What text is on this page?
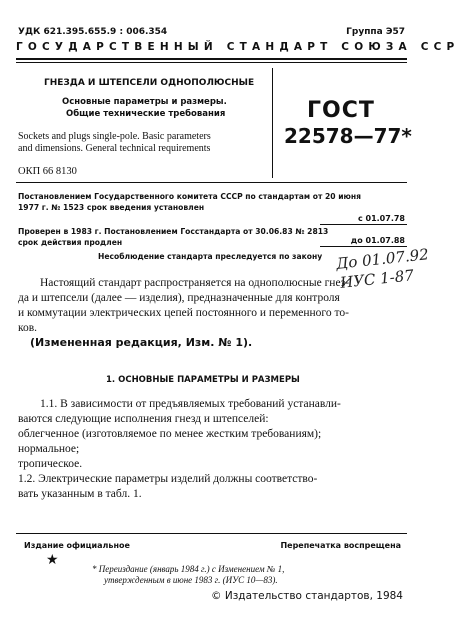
УДК 621.395.655.9 : 006.354	Группа Э57
ГОСУДАРСТВЕННЫЙ СТАНДАРТ СОЮЗА ССР
ГНЕЗДА И ШТЕПСЕЛИ ОДНОПОЛЮСНЫЕ
Основные параметры и размеры.
Общие технические требования
Sockets and plugs single-pole. Basic parameters
and dimensions. General technical requirements
ОКП 66 8130
ГОСТ
22578—77*
Постановлением Государственного комитета СССР по стандартам от 20 июня
1977 г. № 1523 срок введения установлен
с 01.07.78
Проверен в 1983 г. Постановлением Госстандарта от 30.06.83 № 2813
срок действия продлен	до 01.07.88
Несоблюдение стандарта преследуется по закону До 01.07.92
ИУС 1-87
Настоящий стандарт распространяется на однополюсные гнез-
да и штепсели (далее — изделия), предназначенные для контроля
и коммутации электрических цепей постоянного и переменного то-
ков.
(Измененная редакция, Изм. № 1).
1. ОСНОВНЫЕ ПАРАМЕТРЫ И РАЗМЕРЫ
1.1. В зависимости от предъявляемых требований устанавли-
ваются следующие исполнения гнезд и штепселей:
облегченное (изготовляемое по менее жестким требованиям);
нормальное;
тропическое.
1.2. Электрические параметры изделий должны соответство-
вать указанным в табл. 1.
Издание официальное	Перепечатка воспрещена
★
* Переиздание (январь 1984 г.) с Изменением № 1,
утвержденным в июне 1983 г. (ИУС 10—83).
© Издательство стандартов, 1984
